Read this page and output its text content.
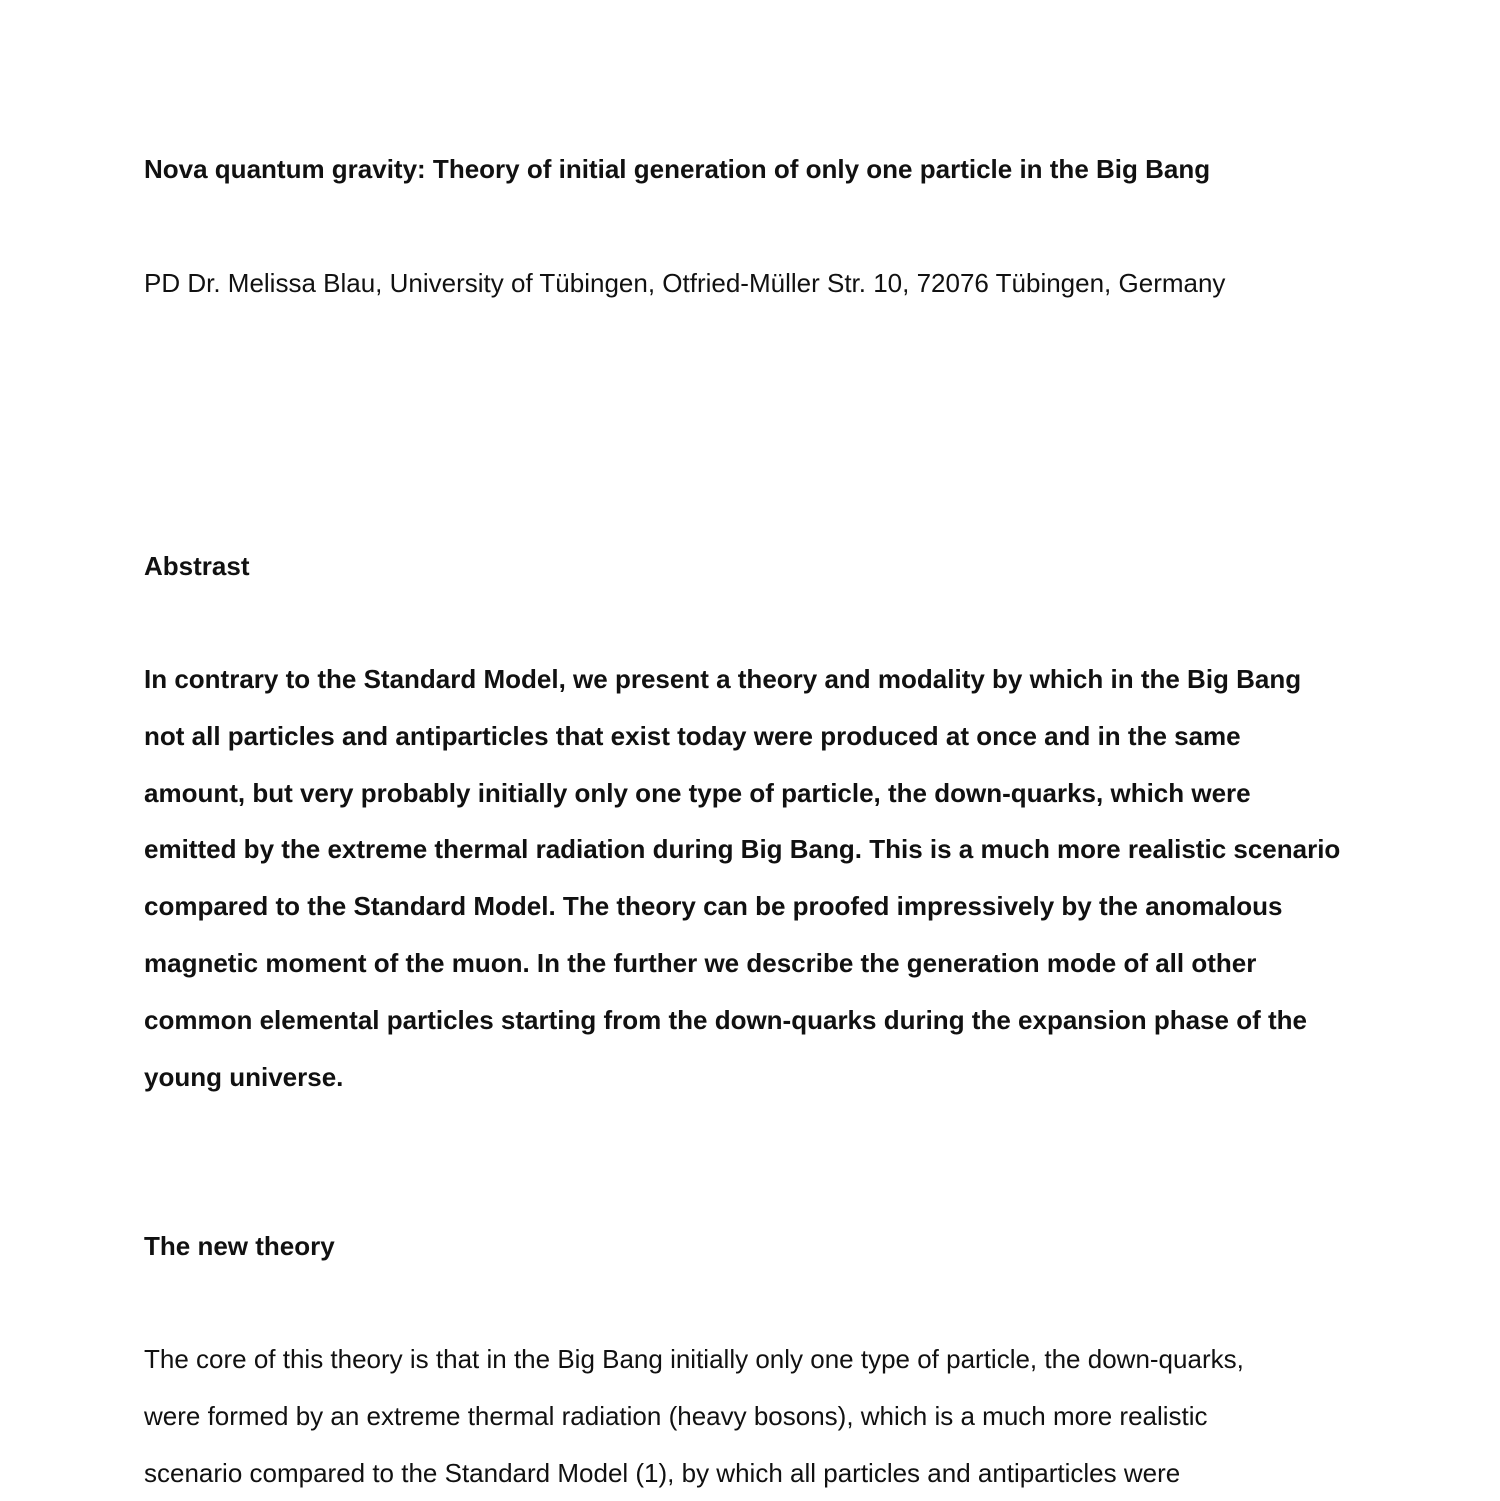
Nova quantum gravity: Theory of initial generation of only one particle in the Big Bang

PD Dr. Melissa Blau, University of Tübingen, Otfried-Müller Str. 10, 72076 Tübingen, Germany

Abstrast

In contrary to the Standard Model, we present a theory and modality by which in the Big Bang
not all particles and antiparticles that exist today were produced at once and in the same
amount, but very probably initially only one type of particle, the down-quarks, which were
emitted by the extreme thermal radiation during Big Bang. This is a much more realistic scenario
compared to the Standard Model. The theory can be proofed impressively by the anomalous
magnetic moment of the muon. In the further we describe the generation mode of all other
common elemental particles starting from the down-quarks during the expansion phase of the
young universe.

The new theory

The core of this theory is that in the Big Bang initially only one type of particle, the down-quarks,
were formed by an extreme thermal radiation (heavy bosons), which is a much more realistic
scenario compared to the Standard Model (1), by which all particles and antiparticles were
